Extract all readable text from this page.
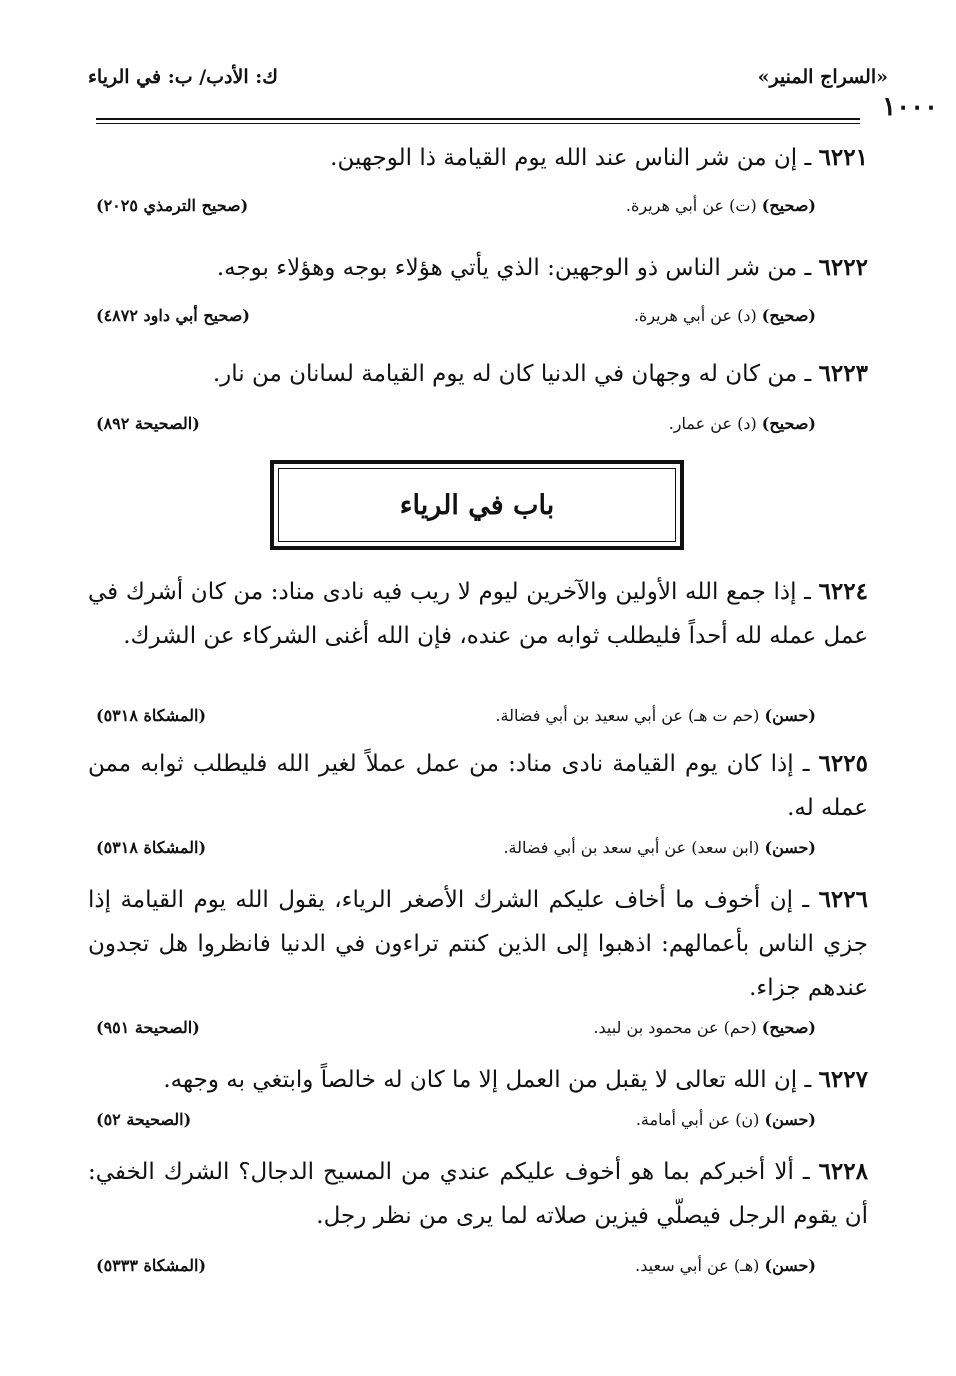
«السراج المنير»
ك: الأدب/ ب: في الرياء
١٠٠٠
٦٢٢١ ـ إن من شر الناس عند الله يوم القيامة ذا الوجهين.
(صحيح) (ت) عن أبي هريرة.
(صحيح الترمذي ٢٠٢٥)
٦٢٢٢ ـ من شر الناس ذو الوجهين: الذي يأتي هؤلاء بوجه وهؤلاء بوجه.
(صحيح) (د) عن أبي هريرة.
(صحيح أبي داود ٤٨٧٢)
٦٢٢٣ ـ من كان له وجهان في الدنيا كان له يوم القيامة لسانان من نار.
(صحيح) (د) عن عمار.
(الصحيحة ٨٩٢)
باب في الرياء
٦٢٢٤ ـ إذا جمع الله الأولين والآخرين ليوم لا ريب فيه نادى مناد: من كان أشرك في عمل عمله لله أحداً فليطلب ثوابه من عنده، فإن الله أغنى الشركاء عن الشرك.
(حسن) (حم ت هـ) عن أبي سعيد بن أبي فضالة.
(المشكاة ٥٣١٨)
٦٢٢٥ ـ إذا كان يوم القيامة نادى مناد: من عمل عملاً لغير الله فليطلب ثوابه ممن عمله له.
(حسن) (ابن سعد) عن أبي سعد بن أبي فضالة.
(المشكاة ٥٣١٨)
٦٢٢٦ ـ إن أخوف ما أخاف عليكم الشرك الأصغر الرياء، يقول الله يوم القيامة إذا جزي الناس بأعمالهم: اذهبوا إلى الذين كنتم تراءون في الدنيا فانظروا هل تجدون عندهم جزاء.
(صحيح) (حم) عن محمود بن لبيد.
(الصحيحة ٩٥١)
٦٢٢٧ ـ إن الله تعالى لا يقبل من العمل إلا ما كان له خالصاً وابتغي به وجهه.
(حسن) (ن) عن أبي أمامة.
(الصحيحة ٥٢)
٦٢٢٨ ـ ألا أخبركم بما هو أخوف عليكم عندي من المسيح الدجال؟ الشرك الخفي: أن يقوم الرجل فيصلّي فيزين صلاته لما يرى من نظر رجل.
(حسن) (هـ) عن أبي سعيد.
(المشكاة ٥٣٣٣)
